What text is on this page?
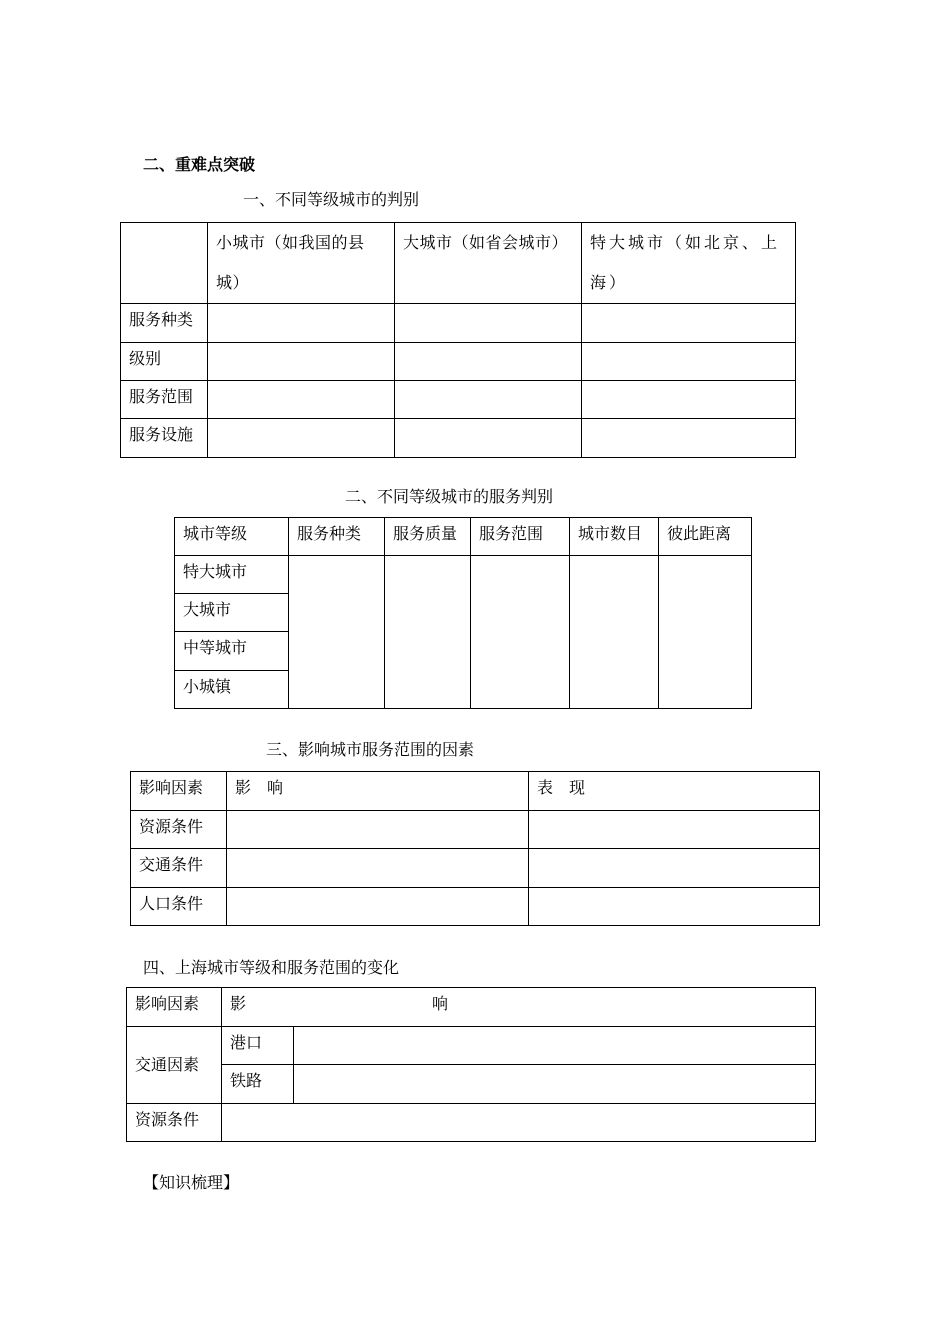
二、重难点突破
一、不同等级城市的判别
	小城市（如我国的县城）	大城市（如省会城市）	特大城市（如北京、上海）
服务种类			
级别			
服务范围			
服务设施			
二、不同等级城市的服务判别
城市等级	服务种类	服务质量	服务范围	城市数目	彼此距离
特大城市					
大城市					
中等城市					
小城镇					
三、影响城市服务范围的因素
影响因素	影　响	表　现
资源条件		
交通条件		
人口条件		
四、上海城市等级和服务范围的变化
影响因素	影 响	

交通因素	港口	
	铁路	
资源条件		
【知识梳理】
